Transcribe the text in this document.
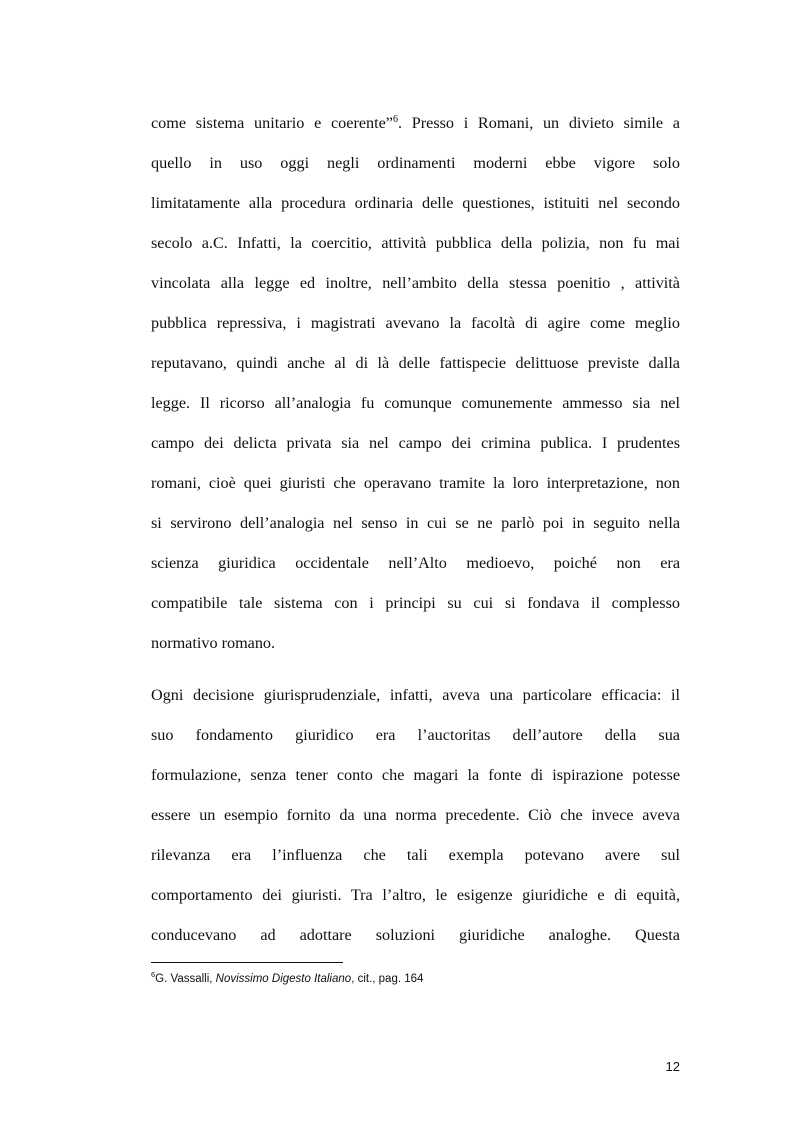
come sistema unitario e coerente”$^6$. Presso i Romani, un divieto simile a
quello in uso oggi negli ordinamenti moderni ebbe vigore solo
limitatamente alla procedura ordinaria delle questiones, istituiti nel secondo
secolo a.C. Infatti, la coercitio, attività pubblica della polizia, non fu mai
vincolata alla legge ed inoltre, nell’ambito della stessa poenitio , attività
pubblica repressiva, i magistrati avevano la facoltà di agire come meglio
reputavano, quindi anche al di là delle fattispecie delittuose previste dalla
legge. Il ricorso all’analogia fu comunque comunemente ammesso sia nel
campo dei delicta privata sia nel campo dei crimina publica. I prudentes
romani, cioè quei giuristi che operavano tramite la loro interpretazione, non
si servirono dell’analogia nel senso in cui se ne parlò poi in seguito nella
scienza giuridica occidentale nell’Alto medioevo, poiché non era
compatibile tale sistema con i principi su cui si fondava il complesso
normativo romano.
Ogni decisione giurisprudenziale, infatti, aveva una particolare efficacia: il
suo fondamento giuridico era l’auctoritas dell’autore della sua
formulazione, senza tener conto che magari la fonte di ispirazione potesse
essere un esempio fornito da una norma precedente. Ciò che invece aveva
rilevanza era l’influenza che tali exempla potevano avere sul
comportamento dei giuristi. Tra l’altro, le esigenze giuridiche e di equità,
conducevano ad adottare soluzioni giuridiche analoghe. Questa
$^6$G. Vassalli, Novissimo Digesto Italiano, cit., pag. 164
12
